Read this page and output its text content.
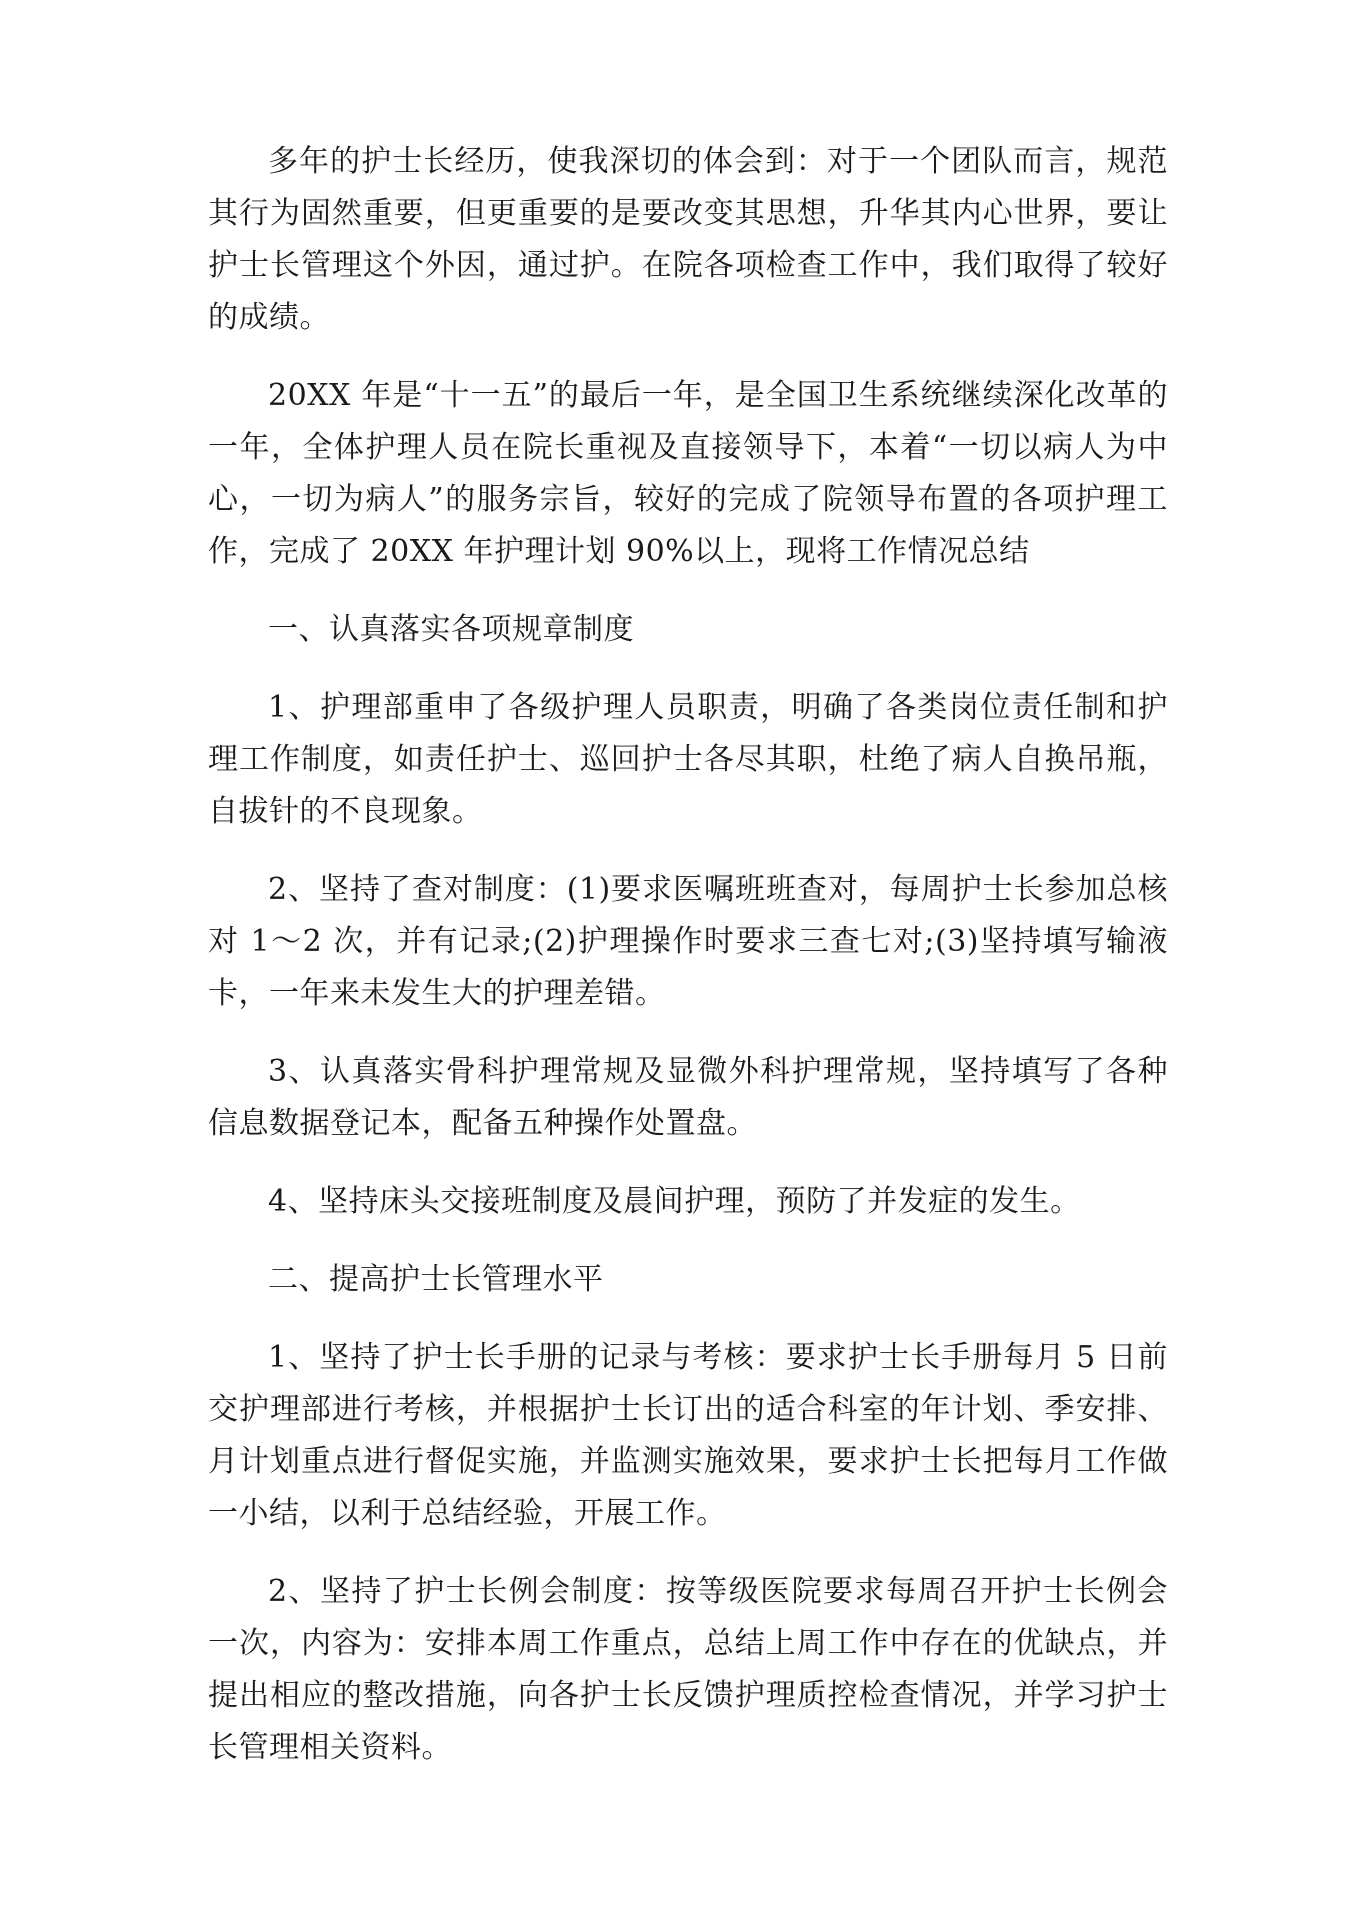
多年的护士长经历，使我深切的体会到：对于一个团队而言，规范其行为固然重要，但更重要的是要改变其思想，升华其内心世界，要让护士长管理这个外因，通过护。在院各项检查工作中，我们取得了较好的成绩。

20XX 年是“十一五”的最后一年，是全国卫生系统继续深化改革的一年，全体护理人员在院长重视及直接领导下，本着“一切以病人为中心，一切为病人”的服务宗旨，较好的完成了院领导布置的各项护理工作，完成了 20XX 年护理计划 90%以上，现将工作情况总结

一、认真落实各项规章制度

1、护理部重申了各级护理人员职责，明确了各类岗位责任制和护理工作制度，如责任护士、巡回护士各尽其职，杜绝了病人自换吊瓶，自拔针的不良现象。

2、坚持了查对制度：(1)要求医嘱班班查对，每周护士长参加总核对 1～2 次，并有记录;(2)护理操作时要求三查七对;(3)坚持填写输液卡，一年来未发生大的护理差错。

3、认真落实骨科护理常规及显微外科护理常规，坚持填写了各种信息数据登记本，配备五种操作处置盘。

4、坚持床头交接班制度及晨间护理，预防了并发症的发生。

二、提高护士长管理水平

1、坚持了护士长手册的记录与考核：要求护士长手册每月 5 日前交护理部进行考核，并根据护士长订出的适合科室的年计划、季安排、月计划重点进行督促实施，并监测实施效果，要求护士长把每月工作做一小结，以利于总结经验，开展工作。

2、坚持了护士长例会制度：按等级医院要求每周召开护士长例会一次，内容为：安排本周工作重点，总结上周工作中存在的优缺点，并提出相应的整改措施，向各护士长反馈护理质控检查情况，并学习护士长管理相关资料。
